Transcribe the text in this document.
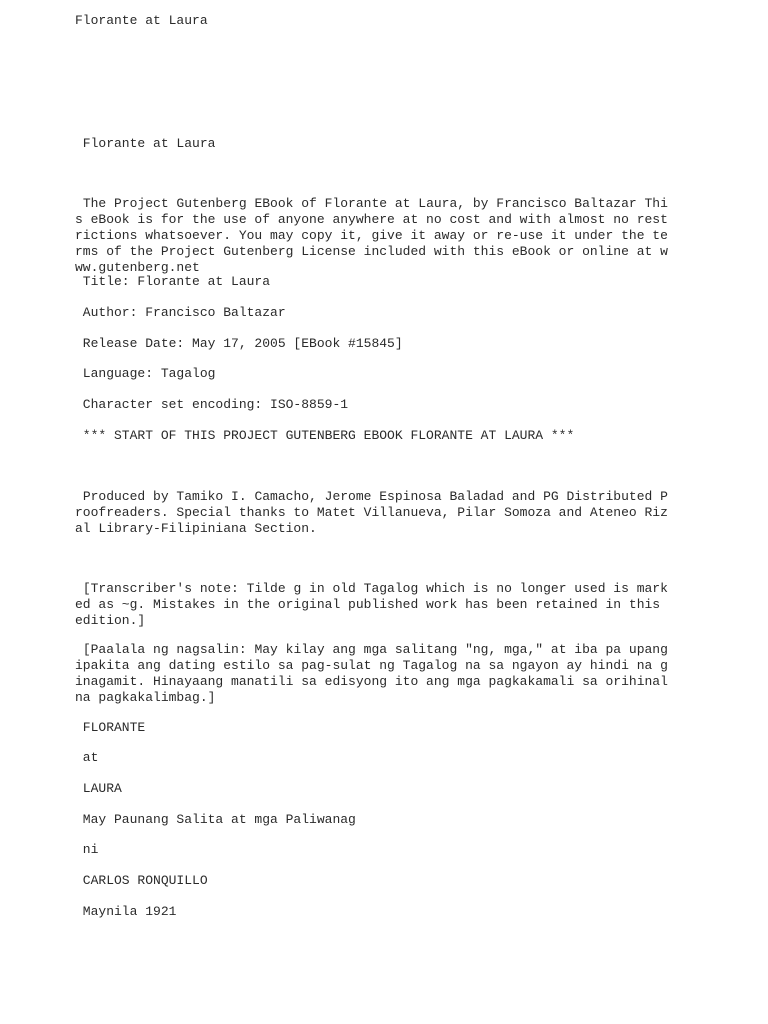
Florante at Laura
Florante at Laura
The Project Gutenberg EBook of Florante at Laura, by Francisco Baltazar This eBook is for the use of anyone anywhere at no cost and with almost no restrictions whatsoever. You may copy it, give it away or re-use it under the terms of the Project Gutenberg License included with this eBook or online at www.gutenberg.net
Title: Florante at Laura
Author: Francisco Baltazar
Release Date: May 17, 2005 [EBook #15845]
Language: Tagalog
Character set encoding: ISO-8859-1
*** START OF THIS PROJECT GUTENBERG EBOOK FLORANTE AT LAURA ***
Produced by Tamiko I. Camacho, Jerome Espinosa Baladad and PG Distributed Proofreaders. Special thanks to Matet Villanueva, Pilar Somoza and Ateneo Rizal Library-Filipiniana Section.
[Transcriber's note: Tilde g in old Tagalog which is no longer used is marked as ~g. Mistakes in the original published work has been retained in this edition.]
[Paalala ng nagsalin: May kilay ang mga salitang "ng, mga," at iba pa upang ipakita ang dating estilo sa pag-sulat ng Tagalog na sa ngayon ay hindi na ginagamit. Hinayaang manatili sa edisyong ito ang mga pagkakamali sa orihinal na pagkakalimbag.]
FLORANTE
at
LAURA
May Paunang Salita at mga Paliwanag
ni
CARLOS RONQUILLO
Maynila 1921
